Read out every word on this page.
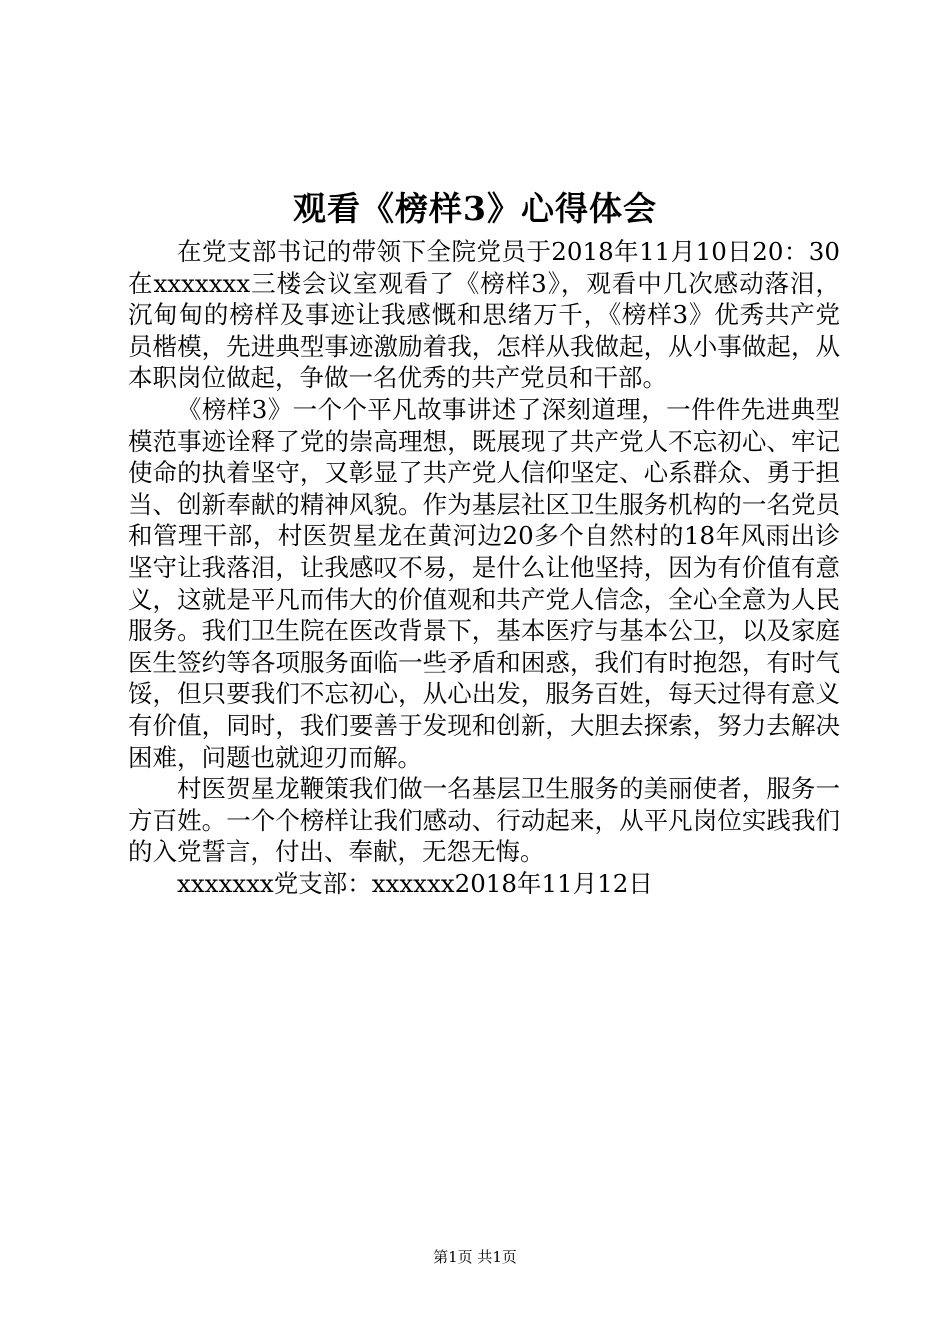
观看《榜样3》心得体会

在党支部书记的带领下全院党员于2018年11月10日20：30在xxxxxxx三楼会议室观看了《榜样3》，观看中几次感动落泪，沉甸甸的榜样及事迹让我感慨和思绪万千，《榜样3》优秀共产党员楷模，先进典型事迹激励着我，怎样从我做起，从小事做起，从本职岗位做起，争做一名优秀的共产党员和干部。

《榜样3》一个个平凡故事讲述了深刻道理，一件件先进典型模范事迹诠释了党的崇高理想，既展现了共产党人不忘初心、牢记使命的执着坚守，又彰显了共产党人信仰坚定、心系群众、勇于担当、创新奉献的精神风貌。作为基层社区卫生服务机构的一名党员和管理干部，村医贺星龙在黄河边20多个自然村的18年风雨出诊坚守让我落泪，让我感叹不易，是什么让他坚持，因为有价值有意义，这就是平凡而伟大的价值观和共产党人信念，全心全意为人民服务。我们卫生院在医改背景下，基本医疗与基本公卫，以及家庭医生签约等各项服务面临一些矛盾和困惑，我们有时抱怨，有时气馁，但只要我们不忘初心，从心出发，服务百姓，每天过得有意义有价值，同时，我们要善于发现和创新，大胆去探索，努力去解决困难，问题也就迎刃而解。

村医贺星龙鞭策我们做一名基层卫生服务的美丽使者，服务一方百姓。一个个榜样让我们感动、行动起来，从平凡岗位实践我们的入党誓言，付出、奉献，无怨无悔。

xxxxxxx党支部：xxxxxx2018年11月12日

第1页 共1页
